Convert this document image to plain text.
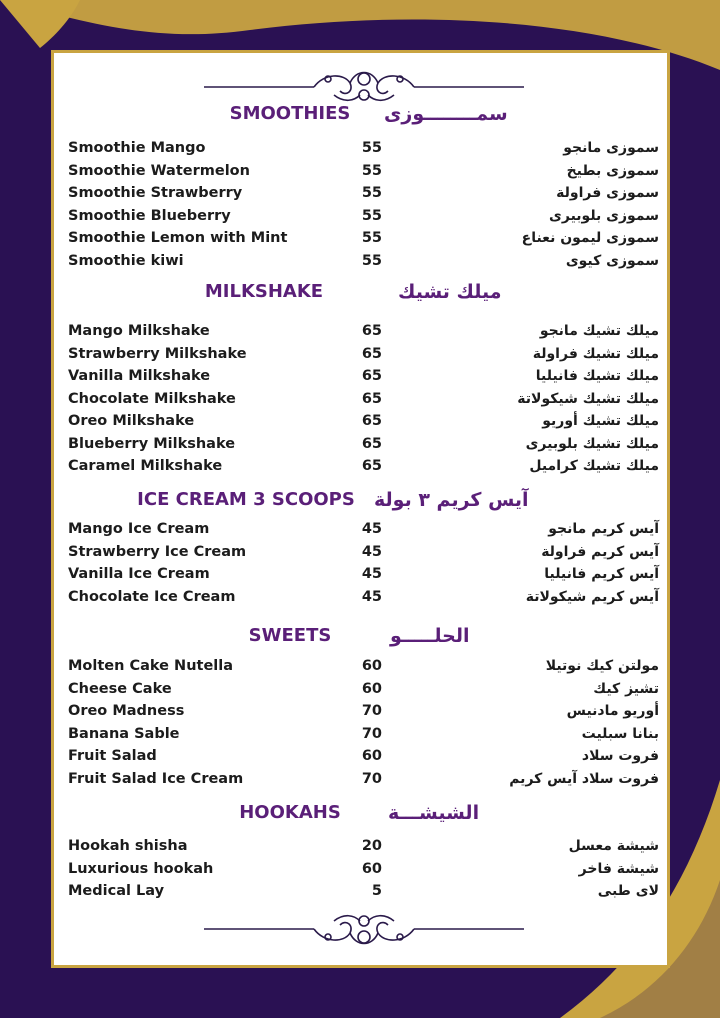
SMOOTHIES	سمــــــــوزى
Smoothie Mango	55	سموزى مانجو
Smoothie Watermelon	55	سموزى بطيخ
Smoothie Strawberry	55	سموزى فراولة
Smoothie Blueberry	55	سموزى بلوبيرى
Smoothie Lemon with Mint	55	سموزى ليمون نعناع
Smoothie kiwi	55	سموزى كيوى
MILKSHAKE	ميلك تشيك
Mango Milkshake	65	ميلك تشيك مانجو
Strawberry Milkshake	65	ميلك تشيك فراولة
Vanilla Milkshake	65	ميلك تشيك فانيليا
Chocolate Milkshake	65	ميلك تشيك شيكولاتة
Oreo Milkshake	65	ميلك تشيك أوريو
Blueberry Milkshake	65	ميلك تشيك بلوبيرى
Caramel Milkshake	65	ميلك تشيك كراميل
ICE CREAM 3 SCOOPS	آيس كريم ٣ بولة
Mango Ice Cream	45	آيس كريم مانجو
Strawberry Ice Cream	45	آيس كريم فراولة
Vanilla Ice Cream	45	آيس كريم فانيليا
Chocolate Ice Cream	45	آيس كريم شيكولاتة
SWEETS	الحلـــــو
Molten Cake Nutella	60	مولتن كيك نوتيلا
Cheese Cake	60	تشيز كيك
Oreo Madness	70	أوريو مادنيس
Banana Sable	70	بنانا سبليت
Fruit Salad	60	فروت سلاد
Fruit Salad Ice Cream	70	فروت سلاد آيس كريم
HOOKAHS	الشيشـــة
Hookah shisha	20	شيشة معسل
Luxurious hookah	60	شيشة فاخر
Medical Lay	5	لاى طبى
